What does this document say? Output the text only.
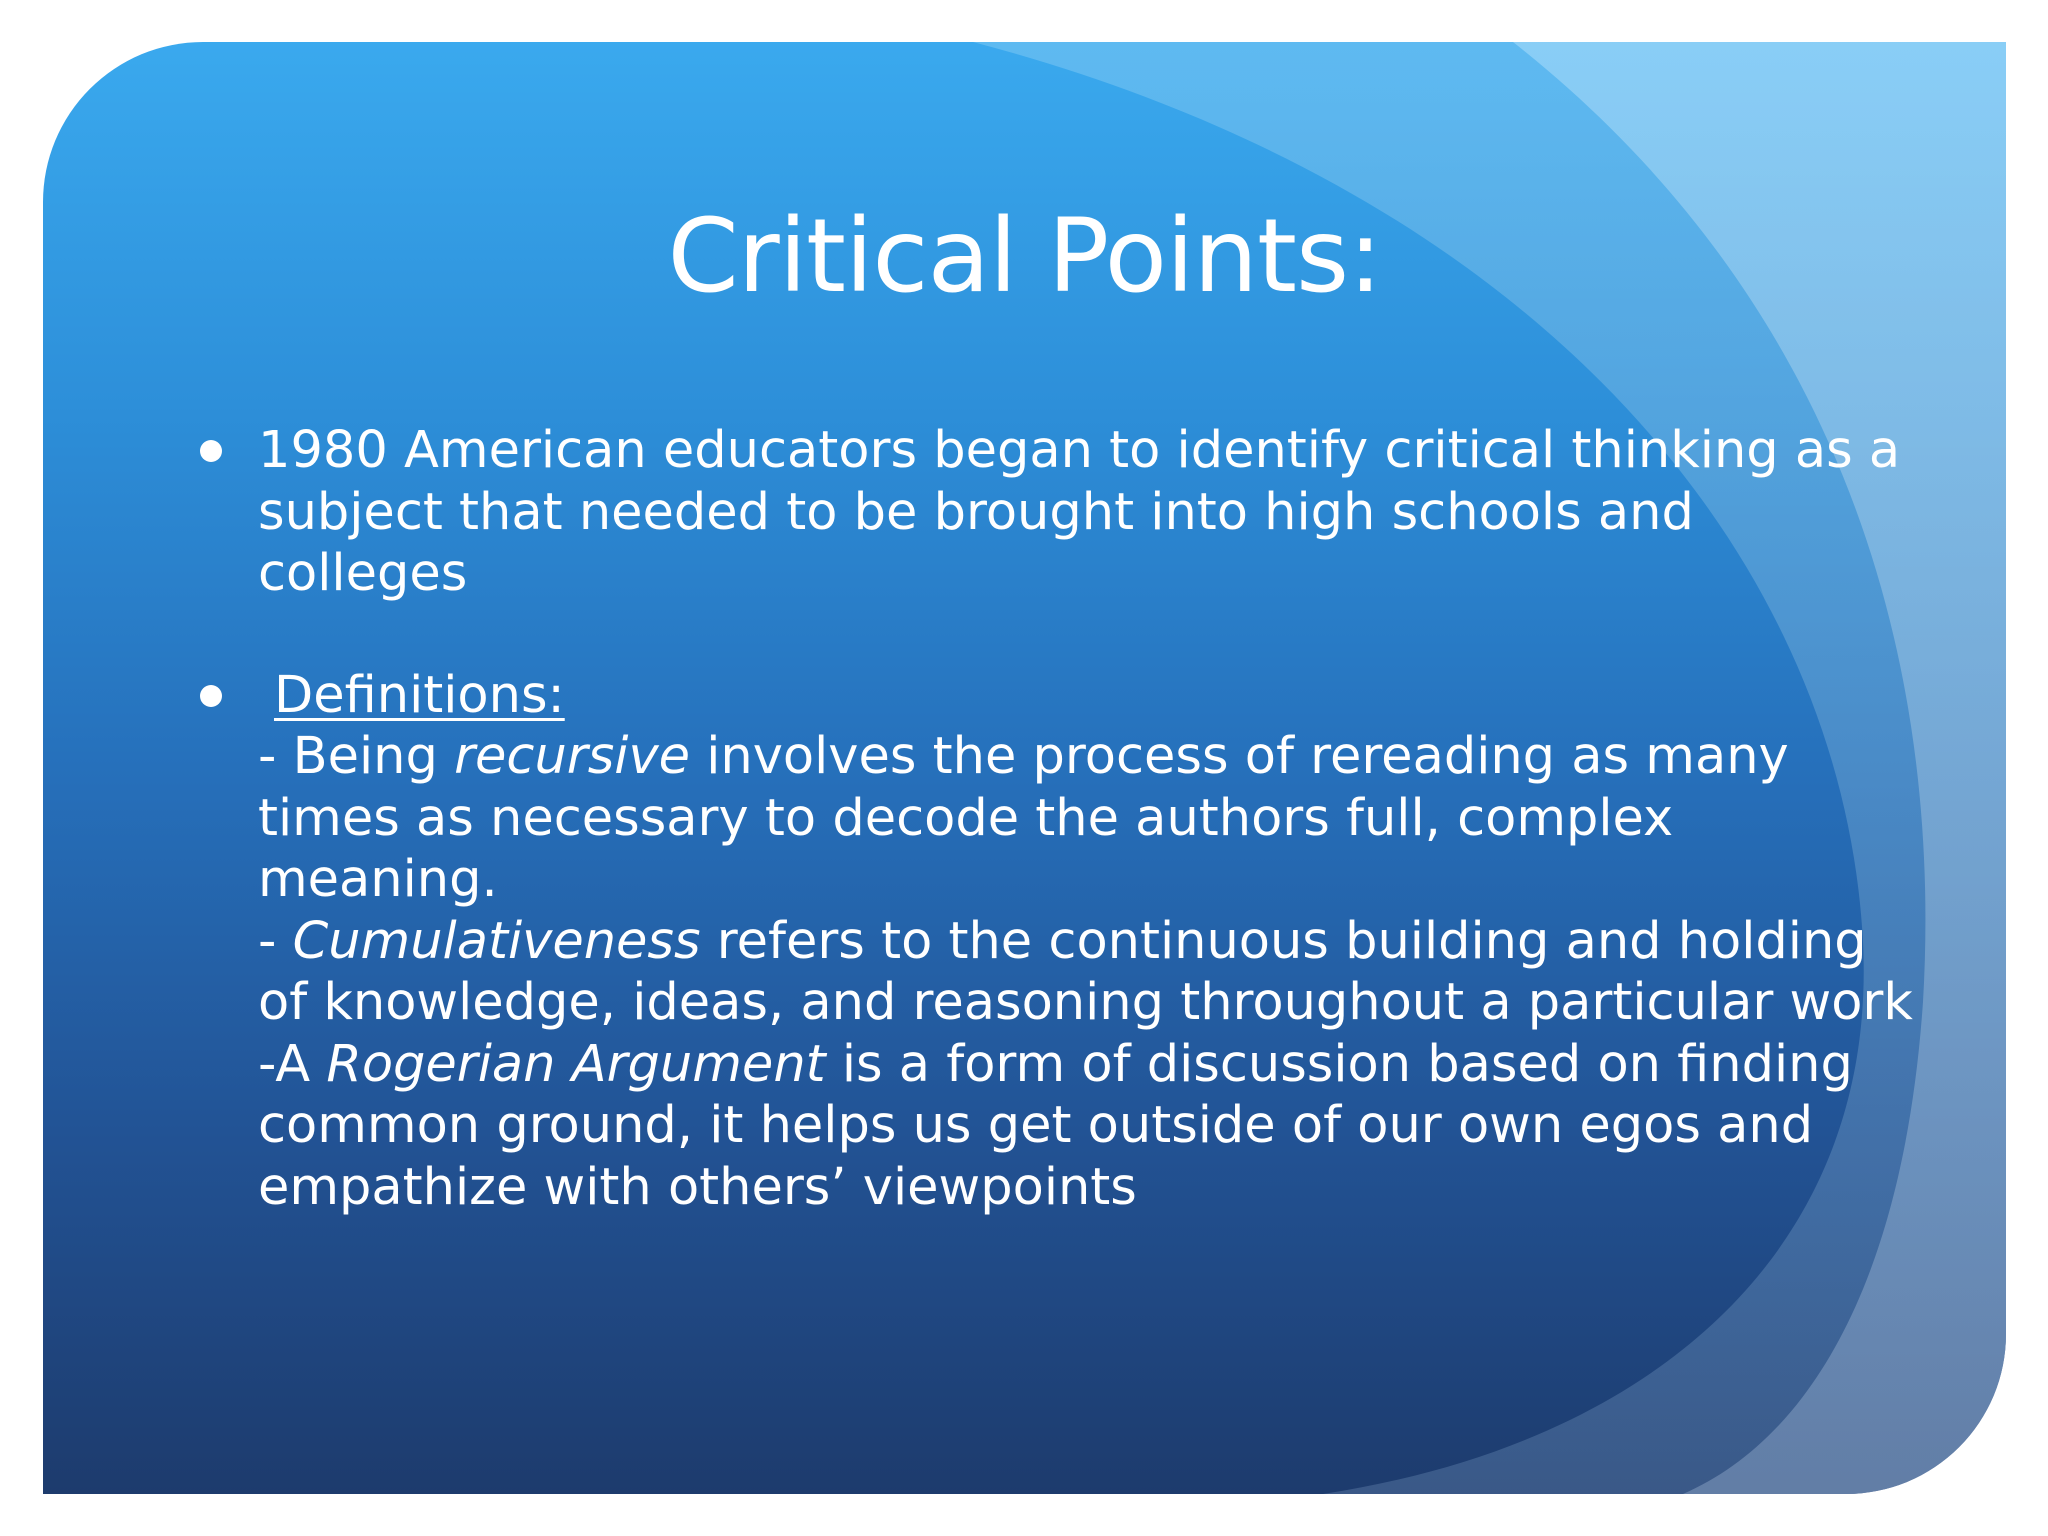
Critical Points:
1980 American educators began to identify critical thinking as a subject that needed to be brought into high schools and colleges
Definitions:
- Being recursive involves the process of rereading as many times as necessary to decode the authors full, complex meaning.
- Cumulativeness refers to the continuous building and holding of knowledge, ideas, and reasoning throughout a particular work
-A Rogerian Argument is a form of discussion based on finding common ground, it helps us get outside of our own egos and empathize with others’ viewpoints
